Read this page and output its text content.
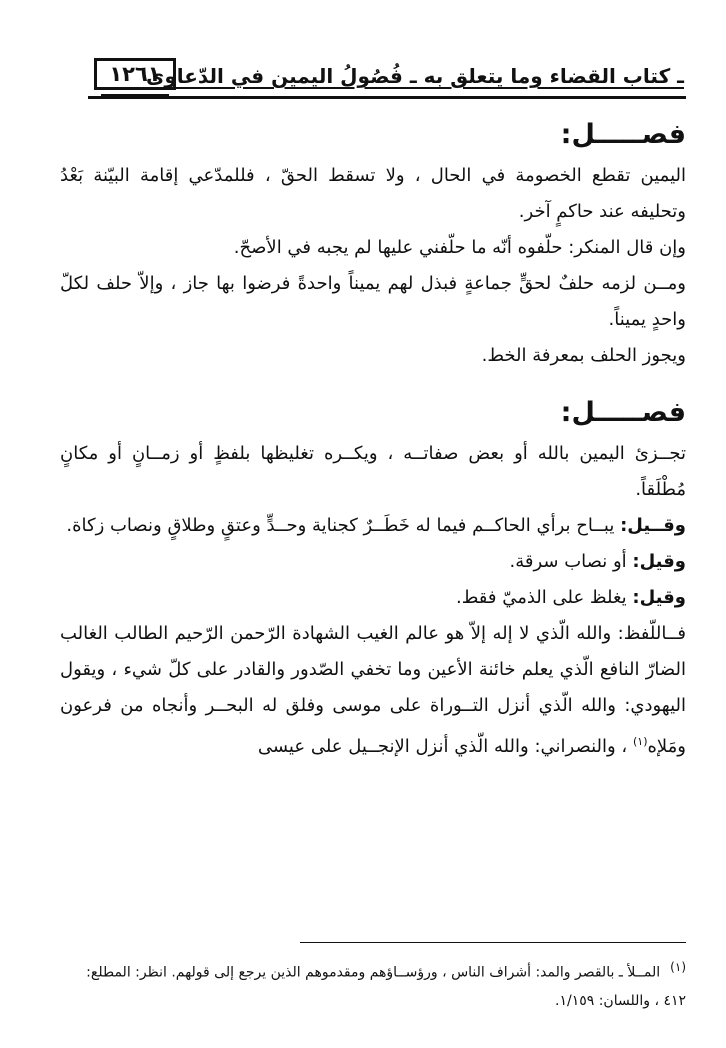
ـ كتاب القضاء وما يتعلق به ـ فُصُولُ اليمين في الدّعاوى
١٢٦١
فصـــــل:

اليمين تقطع الخصومة في الحال ، ولا تسقط الحقّ ، فللمدّعي إقامة البيّنة بَعْدُ وتحليفه عند حاكمٍ آخر.

وإن قال المنكر: حلّفوه أنّه ما حلّفني عليها لم يجبه في الأصحّ.

ومــن لزمه حلفٌ لحقٍّ جماعةٍ فبذل لهم يميناً واحدةً فرضوا بها جاز ، وإلاّ حلف لكلّ واحدٍ يميناً.

ويجوز الحلف بمعرفة الخط.

فصـــــل:

تجــزئ اليمين بالله أو بعض صفاتــه ، ويكــره تغليظها بلفظٍ أو زمــانٍ أو مكانٍ مُطْلَقاً.

وقــيل: يبــاح برأي الحاكــم فيما له خَطَــرٌ كجناية وحــدٍّ وعتقٍ وطلاقٍ ونصاب زكاة.

وقيل: أو نصاب سرقة.

وقيل: يغلظ على الذميّ فقط.

فــاللّفظ: والله الّذي لا إله إلاّ هو عالم الغيب الشهادة الرّحمن الرّحيم الطالب الغالب الضارّ النافع الّذي يعلم خائنة الأعين وما تخفي الصّدور والقادر على كلّ شيء ، ويقول اليهودي: والله الّذي أنزل التــوراة على موسى وفلق له البحــر وأنجاه من فرعون ومَلإه$^{(١)}$ ، والنصراني: والله الّذي أنزل الإنجــيل على عيسى

(١)المــلأ ـ بالقصر والمد: أشراف الناس ، ورؤســاؤهم ومقدموهم الذين يرجع إلى قولهم. انظر: المطلع: ٤١٢ ، واللسان: ١/١٥٩.
